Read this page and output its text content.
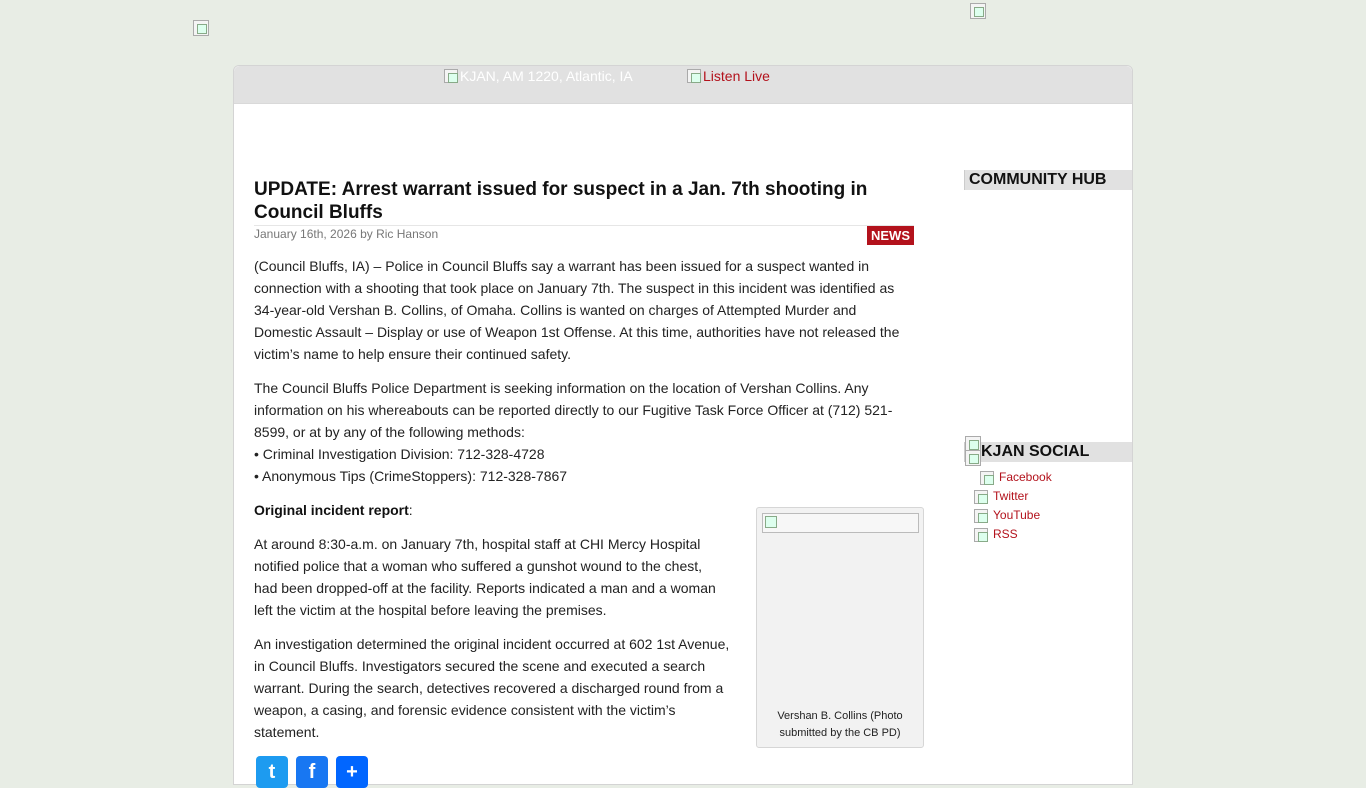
KJAN, AM 1220, Atlantic, IA	Listen Live
UPDATE: Arrest warrant issued for suspect in a Jan. 7th shooting in Council Bluffs
January 16th, 2026 by Ric Hanson	NEWS

(Council Bluffs, IA) – Police in Council Bluffs say a warrant has been issued for a suspect wanted in connection with a shooting that took place on January 7th. The suspect in this incident was identified as 34-year-old Vershan B. Collins, of Omaha. Collins is wanted on charges of Attempted Murder and Domestic Assault – Display or use of Weapon 1st Offense. At this time, authorities have not released the victim’s name to help ensure their continued safety.

The Council Bluffs Police Department is seeking information on the location of Vershan Collins. Any information on his whereabouts can be reported directly to our Fugitive Task Force Officer at (712) 521-8599, or at by any of the following methods:
• Criminal Investigation Division: 712-328-4728
• Anonymous Tips (CrimeStoppers): 712-328-7867

Original incident report:

At around 8:30-a.m. on January 7th, hospital staff at CHI Mercy Hospital notified police that a woman who suffered a gunshot wound to the chest, had been dropped-off at the facility. Reports indicated a man and a woman left the victim at the hospital before leaving the premises.

An investigation determined the original incident occurred at 602 1st Avenue, in Council Bluffs. Investigators secured the scene and executed a search warrant. During the search, detectives recovered a discharged round from a weapon, a casing, and forensic evidence consistent with the victim’s statement.

Vershan B. Collins (Photo submitted by the CB PD)
t f +
COMMUNITY HUB
KJAN SOCIAL
Facebook
Twitter
YouTube
RSS
